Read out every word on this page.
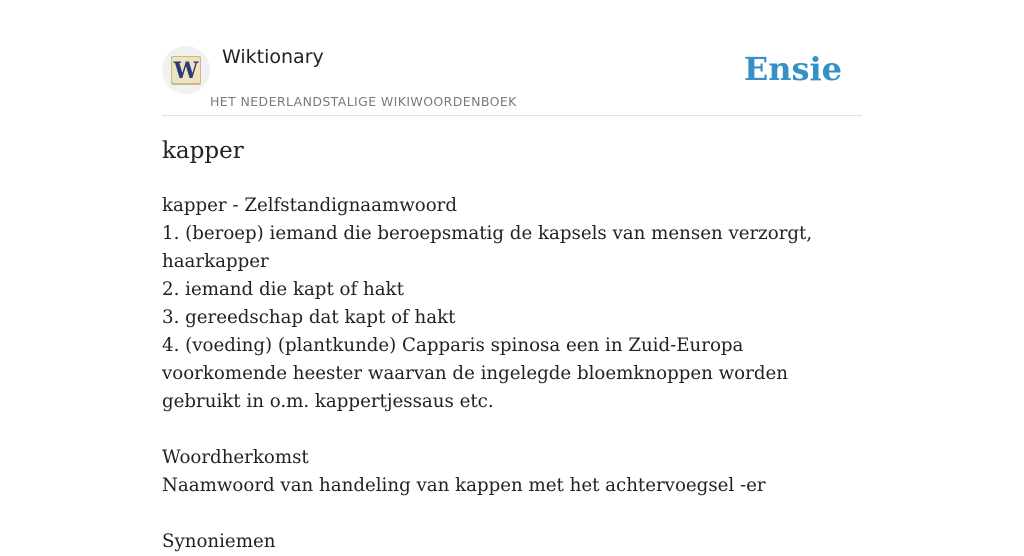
W
Wiktionary
HET NEDERLANDSTALIGE WIKIWOORDENBOEK
Ensie
kapper

kapper - Zelfstandignaamwoord

1. (beroep) iemand die beroepsmatig de kapsels van mensen verzorgt, haarkapper

2. iemand die kapt of hakt

3. gereedschap dat kapt of hakt

4. (voeding) (plantkunde) Capparis spinosa een in Zuid-Europa voorkomende heester waarvan de ingelegde bloemknoppen worden gebruikt in o.m. kappertjessaus etc.

Woordherkomst

Naamwoord van handeling van kappen met het achtervoegsel -er

Synoniemen
